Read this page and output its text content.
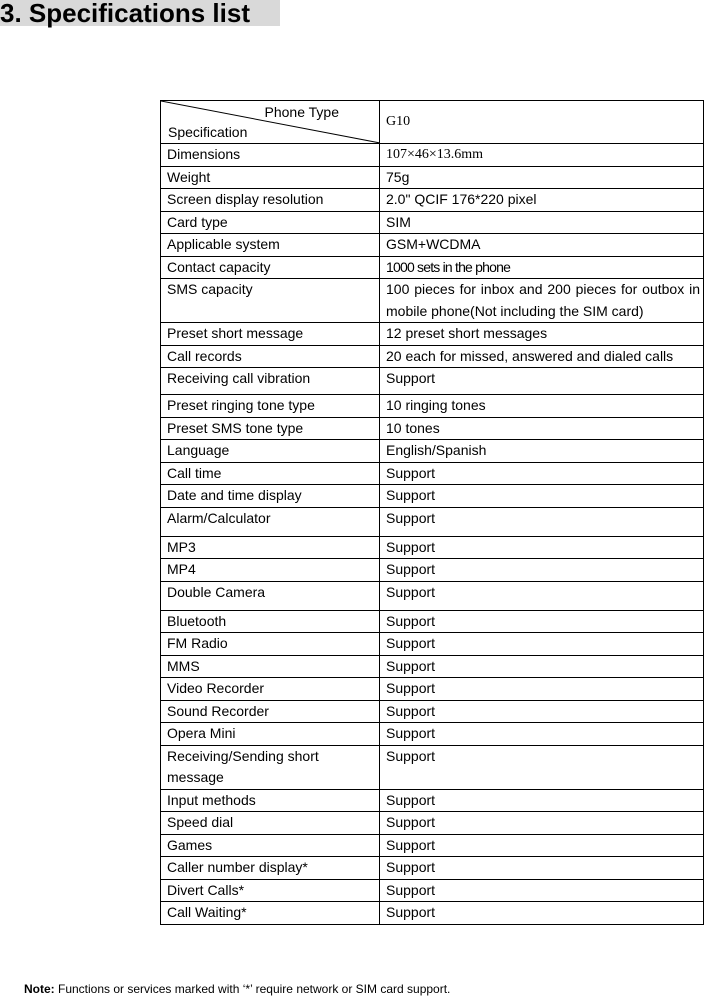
3. Specifications list
Phone Type
Specification	G10
Dimensions	107×46×13.6mm
Weight	75g
Screen display resolution	2.0" QCIF 176*220 pixel
Card type	SIM
Applicable system	GSM+WCDMA
Contact capacity	1000 sets in the phone
SMS capacity	100 pieces for inbox and 200 pieces for outbox in mobile phone(Not including the SIM card)
Preset short message	12 preset short messages
Call records	20 each for missed, answered and dialed calls
Receiving call vibration	Support
Preset ringing tone type	10 ringing tones
Preset SMS tone type	10 tones
Language	English/Spanish
Call time	Support
Date and time display	Support
Alarm/Calculator	Support
MP3	Support
MP4	Support
Double Camera	Support
Bluetooth	Support
FM Radio	Support
MMS	Support
Video Recorder	Support
Sound Recorder	Support
Opera Mini	Support
Receiving/Sending short message	Support
Input methods	Support
Speed dial	Support
Games	Support
Caller number display*	Support
Divert Calls*	Support
Call Waiting*	Support
Note: Functions or services marked with ‘*’ require network or SIM card support.
